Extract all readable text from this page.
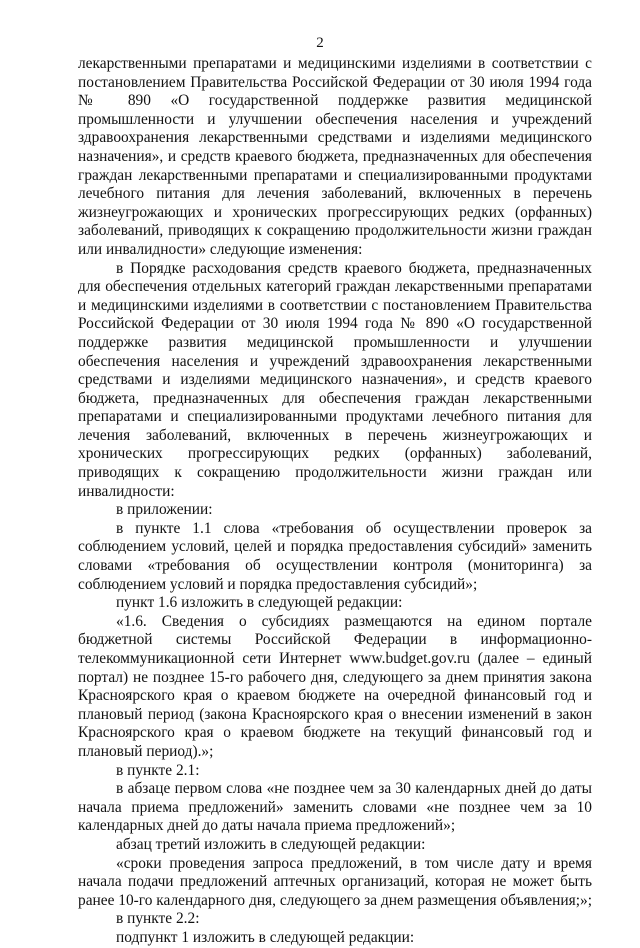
2

лекарственными препаратами и медицинскими изделиями в соответствии с постановлением Правительства Российской Федерации от 30 июля 1994 года № 890 «О государственной поддержке развития медицинской промышленности и улучшении обеспечения населения и учреждений здравоохранения лекарственными средствами и изделиями медицинского назначения», и средств краевого бюджета, предназначенных для обеспечения граждан лекарственными препаратами и специализированными продуктами лечебного питания для лечения заболеваний, включенных в перечень жизнеугрожающих и хронических прогрессирующих редких (орфанных) заболеваний, приводящих к сокращению продолжительности жизни граждан или инвалидности» следующие изменения:

в Порядке расходования средств краевого бюджета, предназначенных для обеспечения отдельных категорий граждан лекарственными препаратами и медицинскими изделиями в соответствии с постановлением Правительства Российской Федерации от 30 июля 1994 года № 890 «О государственной поддержке развития медицинской промышленности и улучшении обеспечения населения и учреждений здравоохранения лекарственными средствами и изделиями медицинского назначения», и средств краевого бюджета, предназначенных для обеспечения граждан лекарственными препаратами и специализированными продуктами лечебного питания для лечения заболеваний, включенных в перечень жизнеугрожающих и хронических прогрессирующих редких (орфанных) заболеваний, приводящих к сокращению продолжительности жизни граждан или инвалидности:

в приложении:

в пункте 1.1 слова «требования об осуществлении проверок за соблюдением условий, целей и порядка предоставления субсидий» заменить словами «требования об осуществлении контроля (мониторинга) за соблюдением условий и порядка предоставления субсидий»;

пункт 1.6 изложить в следующей редакции:

«1.6. Сведения о субсидиях размещаются на едином портале бюджетной системы Российской Федерации в информационно-телекоммуникационной сети Интернет www.budget.gov.ru (далее – единый портал) не позднее 15-го рабочего дня, следующего за днем принятия закона Красноярского края о краевом бюджете на очередной финансовый год и плановый период (закона Красноярского края о внесении изменений в закон Красноярского края о краевом бюджете на текущий финансовый год и плановый период).»;

в пункте 2.1:

в абзаце первом слова «не позднее чем за 30 календарных дней до даты начала приема предложений» заменить словами «не позднее чем за 10 календарных дней до даты начала приема предложений»;

абзац третий изложить в следующей редакции:

«сроки проведения запроса предложений, в том числе дату и время начала подачи предложений аптечных организаций, которая не может быть ранее 10-го календарного дня, следующего за днем размещения объявления;»;

в пункте 2.2:

подпункт 1 изложить в следующей редакции:
